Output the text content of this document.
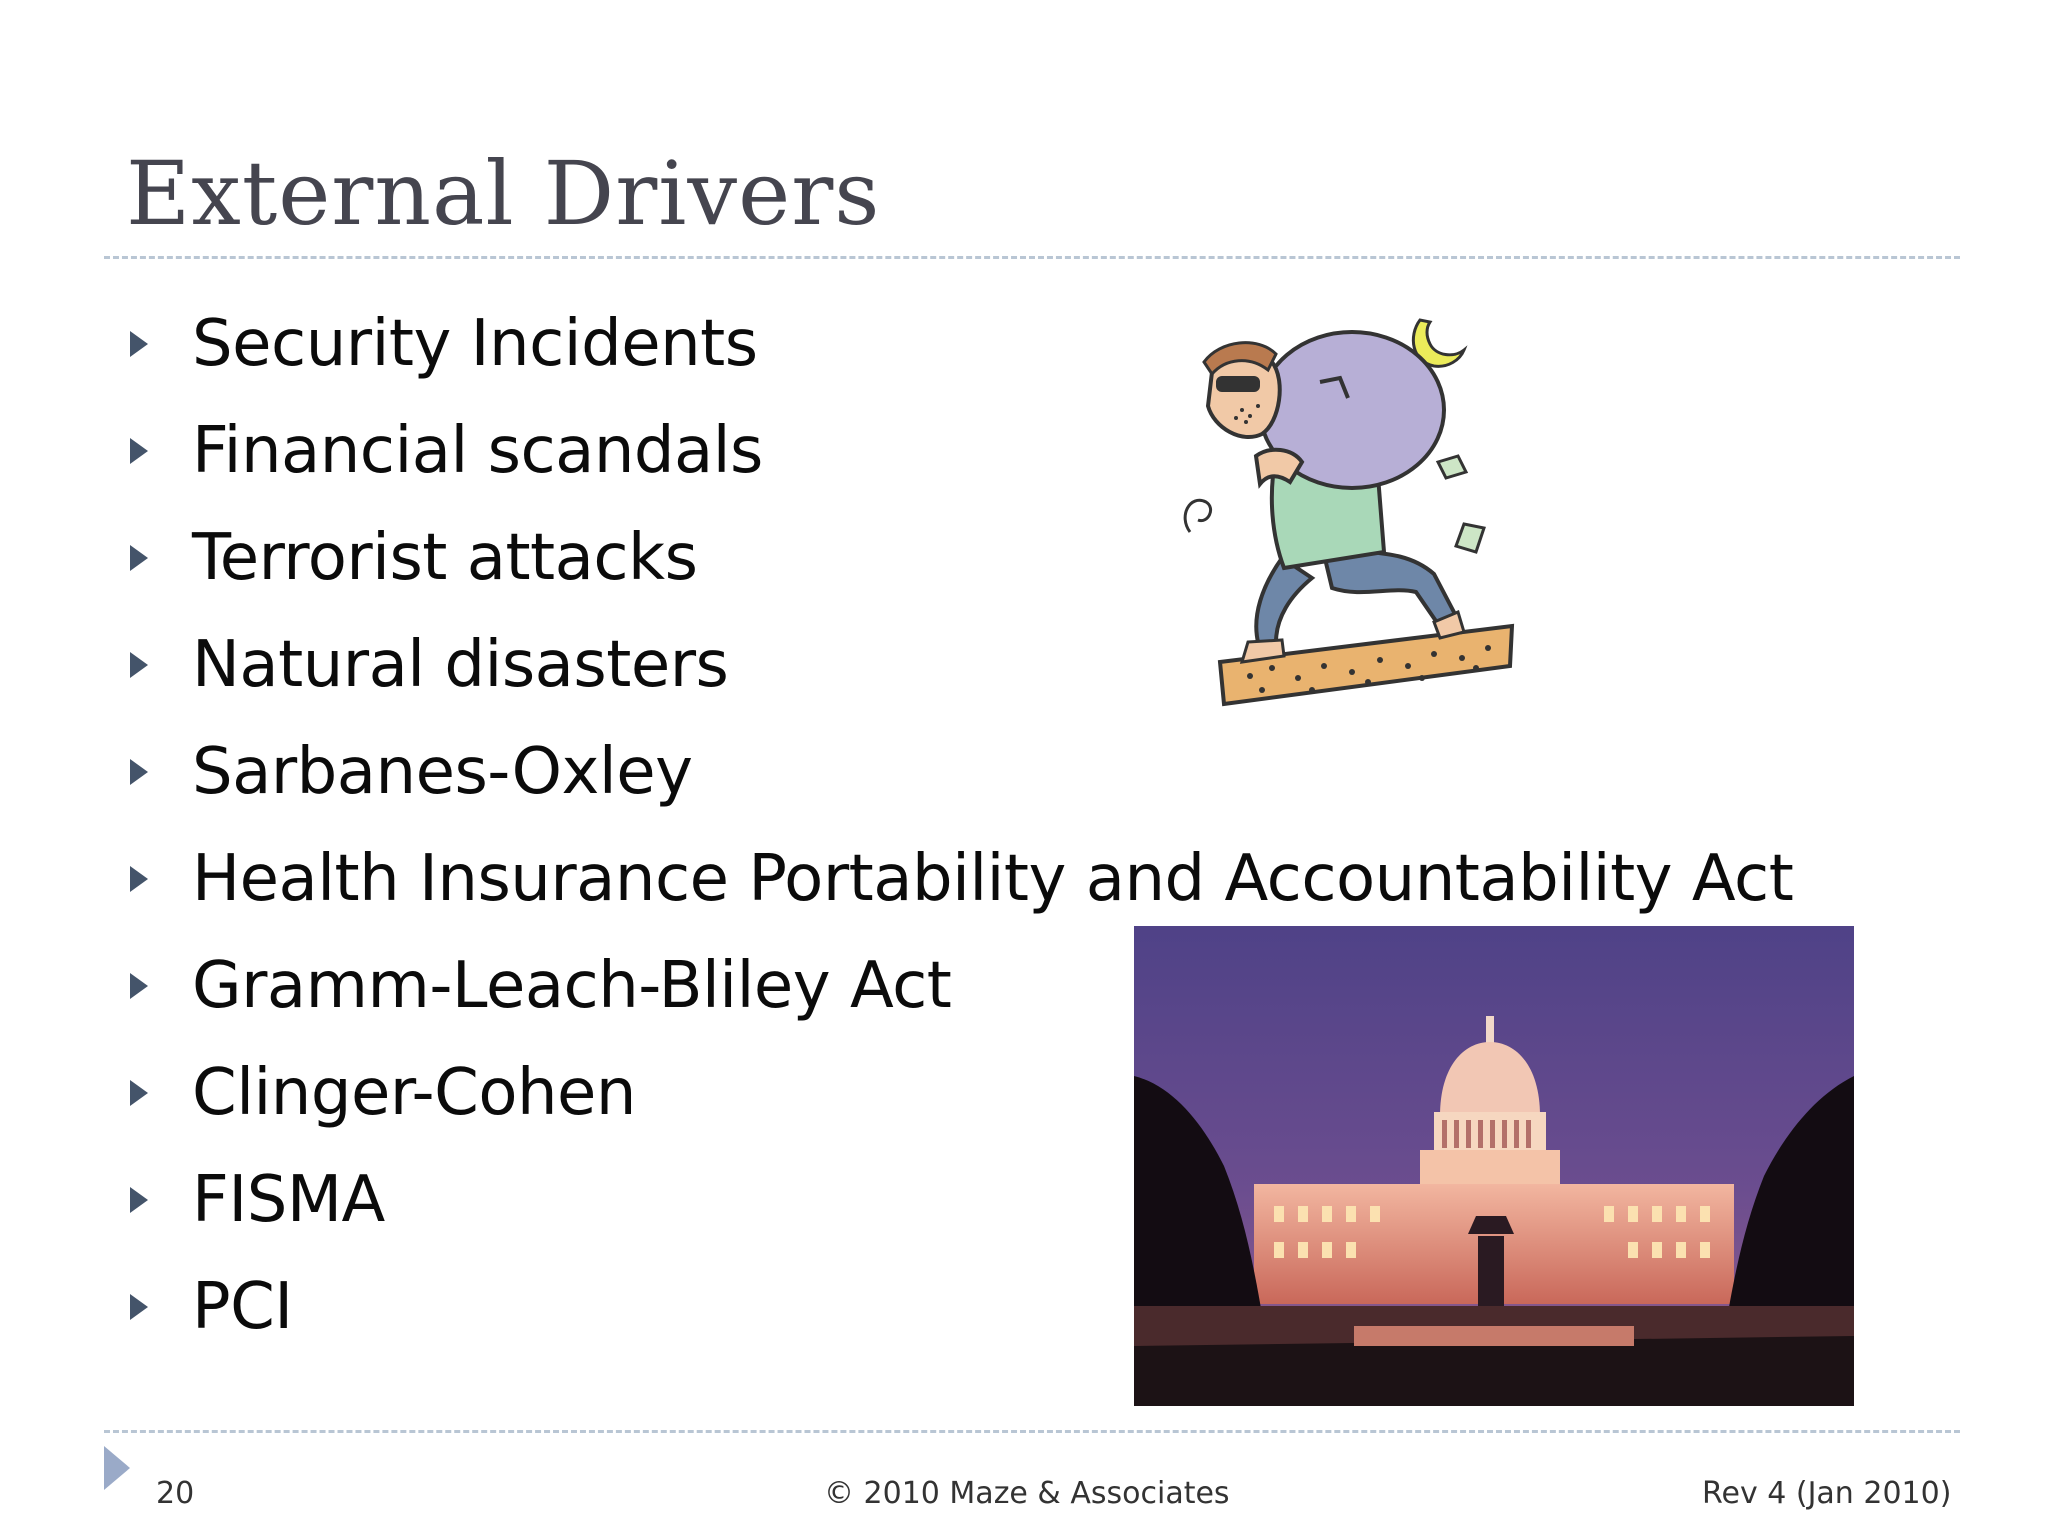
External Drivers
Security Incidents
Financial scandals
Terrorist attacks
Natural disasters
Sarbanes-Oxley
Health Insurance Portability and Accountability Act
Gramm-Leach-Bliley Act
Clinger-Cohen
FISMA
PCI
20	© 2010 Maze & Associates	Rev 4 (Jan 2010)
